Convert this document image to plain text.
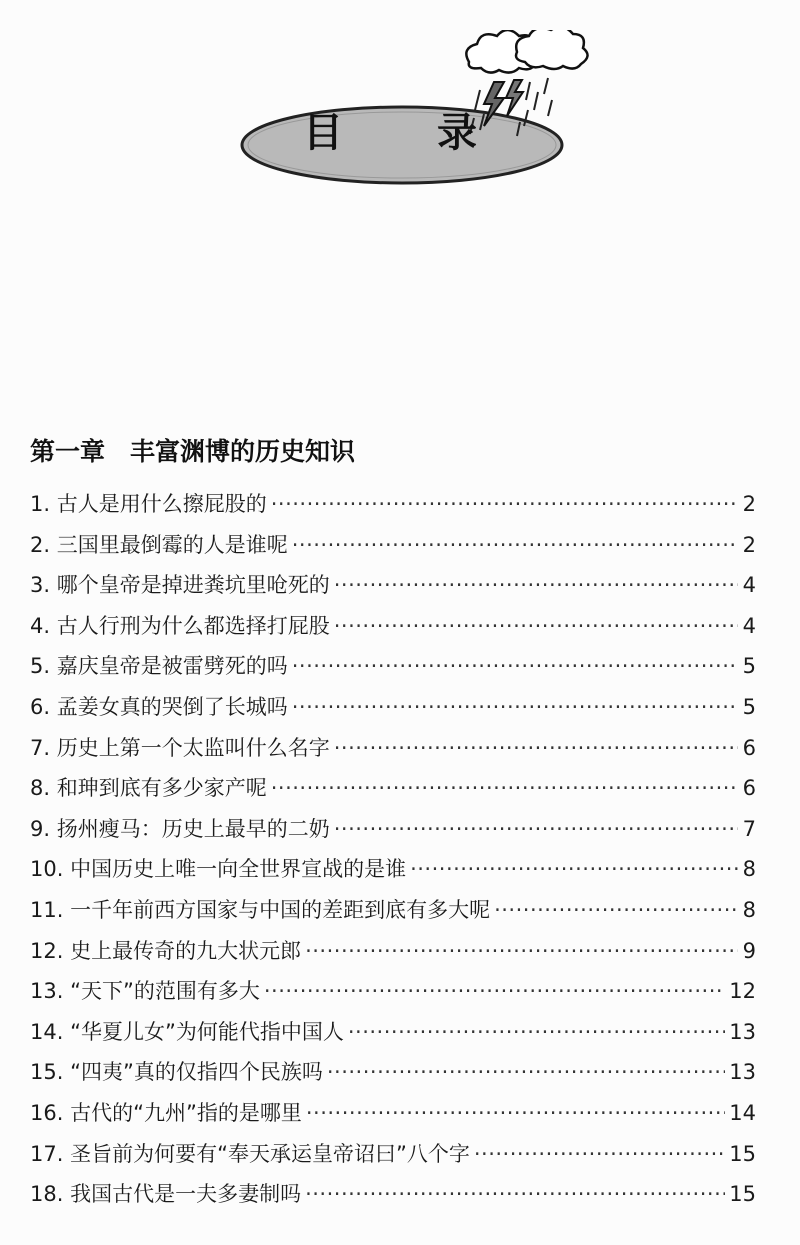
目 录
第一章　丰富渊博的历史知识
1. 古人是用什么擦屁股的 ·····	2
2. 三国里最倒霉的人是谁呢 ·····	2
3. 哪个皇帝是掉进粪坑里呛死的 ·····	4
4. 古人行刑为什么都选择打屁股 ·····	4
5. 嘉庆皇帝是被雷劈死的吗 ·····	5
6. 孟姜女真的哭倒了长城吗 ·····	5
7. 历史上第一个太监叫什么名字 ·····	6
8. 和珅到底有多少家产呢 ·····	6
9. 扬州瘦马：历史上最早的二奶 ·····	7
10. 中国历史上唯一向全世界宣战的是谁 ·····	8
11. 一千年前西方国家与中国的差距到底有多大呢 ·····	8
12. 史上最传奇的九大状元郎 ·····	9
13. “天下”的范围有多大 ·····	12
14. “华夏儿女”为何能代指中国人 ·····	13
15. “四夷”真的仅指四个民族吗 ·····	13
16. 古代的“九州”指的是哪里 ·····	14
17. 圣旨前为何要有“奉天承运皇帝诏曰”八个字 ·····	15
18. 我国古代是一夫多妻制吗 ·····	15
